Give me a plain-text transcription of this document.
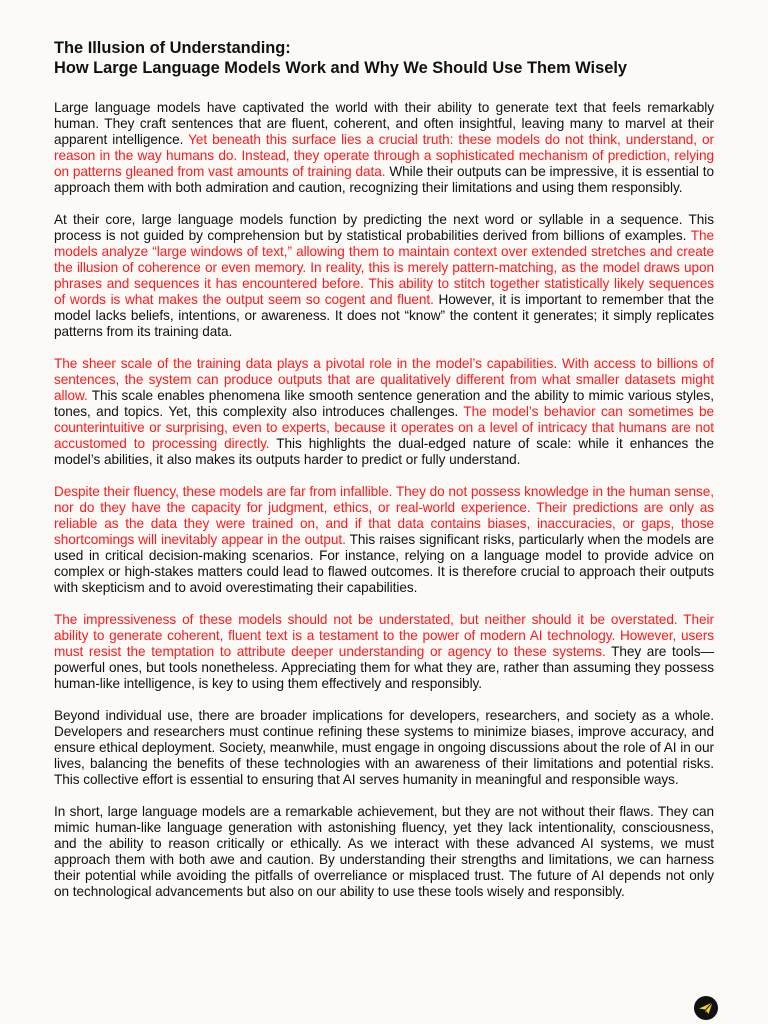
The Illusion of Understanding:
How Large Language Models Work and Why We Should Use Them Wisely

Large language models have captivated the world with their ability to generate text that feels remarkably human. They craft sentences that are fluent, coherent, and often insightful, leaving many to marvel at their apparent intelligence. Yet beneath this surface lies a crucial truth: these models do not think, understand, or reason in the way humans do. Instead, they operate through a sophisticated mechanism of prediction, relying on patterns gleaned from vast amounts of training data. While their outputs can be impressive, it is essential to approach them with both admiration and caution, recognizing their limitations and using them responsibly.

At their core, large language models function by predicting the next word or syllable in a sequence. This process is not guided by comprehension but by statistical probabilities derived from billions of examples. The models analyze “large windows of text,” allowing them to maintain context over extended stretches and create the illusion of coherence or even memory. In reality, this is merely pattern-matching, as the model draws upon phrases and sequences it has encountered before. This ability to stitch together statistically likely sequences of words is what makes the output seem so cogent and fluent. However, it is important to remember that the model lacks beliefs, intentions, or awareness. It does not “know” the content it generates; it simply replicates patterns from its training data.

The sheer scale of the training data plays a pivotal role in the model’s capabilities. With access to billions of sentences, the system can produce outputs that are qualitatively different from what smaller datasets might allow. This scale enables phenomena like smooth sentence generation and the ability to mimic various styles, tones, and topics. Yet, this complexity also introduces challenges. The model’s behavior can sometimes be counterintuitive or surprising, even to experts, because it operates on a level of intricacy that humans are not accustomed to processing directly. This highlights the dual-edged nature of scale: while it enhances the model’s abilities, it also makes its outputs harder to predict or fully understand.

Despite their fluency, these models are far from infallible. They do not possess knowledge in the human sense, nor do they have the capacity for judgment, ethics, or real-world experience. Their predictions are only as reliable as the data they were trained on, and if that data contains biases, inaccuracies, or gaps, those shortcomings will inevitably appear in the output. This raises significant risks, particularly when the models are used in critical decision-making scenarios. For instance, relying on a language model to provide advice on complex or high-stakes matters could lead to flawed outcomes. It is therefore crucial to approach their outputs with skepticism and to avoid overestimating their capabilities.

The impressiveness of these models should not be understated, but neither should it be overstated. Their ability to generate coherent, fluent text is a testament to the power of modern AI technology. However, users must resist the temptation to attribute deeper understanding or agency to these systems. They are tools—powerful ones, but tools nonetheless. Appreciating them for what they are, rather than assuming they possess human-like intelligence, is key to using them effectively and responsibly.

Beyond individual use, there are broader implications for developers, researchers, and society as a whole. Developers and researchers must continue refining these systems to minimize biases, improve accuracy, and ensure ethical deployment. Society, meanwhile, must engage in ongoing discussions about the role of AI in our lives, balancing the benefits of these technologies with an awareness of their limitations and potential risks. This collective effort is essential to ensuring that AI serves humanity in meaningful and responsible ways.

In short, large language models are a remarkable achievement, but they are not without their flaws. They can mimic human-like language generation with astonishing fluency, yet they lack intentionality, consciousness, and the ability to reason critically or ethically. As we interact with these advanced AI systems, we must approach them with both awe and caution. By understanding their strengths and limitations, we can harness their potential while avoiding the pitfalls of overreliance or misplaced trust. The future of AI depends not only on technological advancements but also on our ability to use these tools wisely and responsibly.
